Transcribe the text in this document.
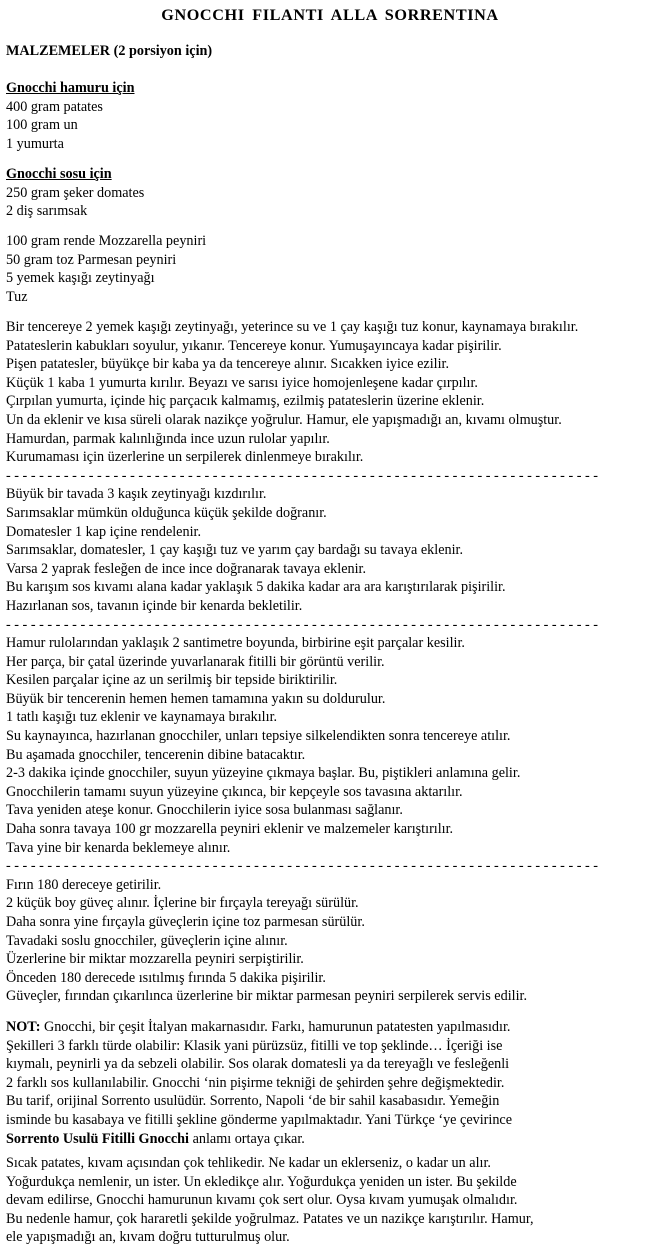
GNOCCHI FILANTI ALLA SORRENTINA
MALZEMELER (2 porsiyon için)
Gnocchi hamuru için
400 gram patates
100 gram un
1 yumurta
Gnocchi sosu için
250 gram şeker domates
2 diş sarımsak
100 gram rende Mozzarella peyniri
50 gram toz Parmesan peyniri
5 yemek kaşığı zeytinyağı
Tuz
Bir tencereye 2 yemek kaşığı zeytinyağı, yeterince su ve 1 çay kaşığı tuz konur, kaynamaya bırakılır.
Patateslerin kabukları soyulur, yıkanır. Tencereye konur. Yumuşayıncaya kadar pişirilir.
Pişen patatesler, büyükçe bir kaba ya da tencereye alınır. Sıcakken iyice ezilir.
Küçük 1 kaba 1 yumurta kırılır. Beyazı ve sarısı iyice homojenleşene kadar çırpılır.
Çırpılan yumurta, içinde hiç parçacık kalmamış, ezilmiş patateslerin üzerine eklenir.
Un da eklenir ve kısa süreli olarak nazikçe yoğrulur. Hamur, ele yapışmadığı an, kıvamı olmuştur.
Hamurdan, parmak kalınlığında ince uzun rulolar yapılır.
Kurumaması için üzerlerine un serpilerek dinlenmeye bırakılır.
- - - - - - - - - - - - - - - - - - - - - - - - - - - - - - - - - - - - - - - - - - - - - - - - - - - - - - - - - - - - - - - - - - - - - - - -
Büyük bir tavada 3 kaşık zeytinyağı kızdırılır.
Sarımsaklar mümkün olduğunca küçük şekilde doğranır.
Domatesler 1 kap içine rendelenir.
Sarımsaklar, domatesler, 1 çay kaşığı tuz ve yarım çay bardağı su tavaya eklenir.
Varsa 2 yaprak fesleğen de ince ince doğranarak tavaya eklenir.
Bu karışım sos kıvamı alana kadar yaklaşık 5 dakika kadar ara ara karıştırılarak pişirilir.
Hazırlanan sos, tavanın içinde bir kenarda bekletilir.
- - - - - - - - - - - - - - - - - - - - - - - - - - - - - - - - - - - - - - - - - - - - - - - - - - - - - - - - - - - - - - - - - - - - - - - -
Hamur rulolarından yaklaşık 2 santimetre boyunda, birbirine eşit parçalar kesilir.
Her parça, bir çatal üzerinde yuvarlanarak fitilli bir görüntü verilir.
Kesilen parçalar içine az un serilmiş bir tepside biriktirilir.
Büyük bir tencerenin hemen hemen tamamına yakın su doldurulur.
1 tatlı kaşığı tuz eklenir ve kaynamaya bırakılır.
Su kaynayınca, hazırlanan gnocchiler, unları tepsiye silkelendikten sonra tencereye atılır.
Bu aşamada gnocchiler, tencerenin dibine batacaktır.
2-3 dakika içinde gnocchiler, suyun yüzeyine çıkmaya başlar. Bu, piştikleri anlamına gelir.
Gnocchilerin tamamı suyun yüzeyine çıkınca, bir kepçeyle sos tavasına aktarılır.
Tava yeniden ateşe konur. Gnocchilerin iyice sosa bulanması sağlanır.
Daha sonra tavaya 100 gr mozzarella peyniri eklenir ve malzemeler karıştırılır.
Tava yine bir kenarda beklemeye alınır.
- - - - - - - - - - - - - - - - - - - - - - - - - - - - - - - - - - - - - - - - - - - - - - - - - - - - - - - - - - - - - - - - - - - - - - - -
Fırın 180 dereceye getirilir.
2 küçük boy güveç alınır. İçlerine bir fırçayla tereyağı sürülür.
Daha sonra yine fırçayla güveçlerin içine toz parmesan sürülür.
Tavadaki soslu gnocchiler, güveçlerin içine alınır.
Üzerlerine bir miktar mozzarella peyniri serpiştirilir.
Önceden 180 derecede ısıtılmış fırında 5 dakika pişirilir.
Güveçler, fırından çıkarılınca üzerlerine bir miktar parmesan peyniri serpilerek servis edilir.
NOT: Gnocchi, bir çeşit İtalyan makarnasıdır. Farkı, hamurunun patatesten yapılmasıdır.
Şekilleri 3 farklı türde olabilir: Klasik yani pürüzsüz, fitilli ve top şeklinde… İçeriği ise
kıymalı, peynirli ya da sebzeli olabilir. Sos olarak domatesli ya da tereyağlı ve fesleğenli
2 farklı sos kullanılabilir. Gnocchi ‘nin pişirme tekniği de şehirden şehre değişmektedir.
Bu tarif, orijinal Sorrento usulüdür. Sorrento, Napoli ‘de bir sahil kasabasıdır. Yemeğin
isminde bu kasabaya ve fitilli şekline gönderme yapılmaktadır. Yani Türkçe ‘ye çevirince
Sorrento Usulü Fitilli Gnocchi anlamı ortaya çıkar.
Sıcak patates, kıvam açısından çok tehlikedir. Ne kadar un eklerseniz, o kadar un alır.
Yoğurdukça nemlenir, un ister. Un ekledikçe alır. Yoğurdukça yeniden un ister. Bu şekilde
devam edilirse, Gnocchi hamurunun kıvamı çok sert olur. Oysa kıvam yumuşak olmalıdır.
Bu nedenle hamur, çok hararetli şekilde yoğrulmaz. Patates ve un nazikçe karıştırılır. Hamur,
ele yapışmadığı an, kıvam doğru tutturulmuş olur.
